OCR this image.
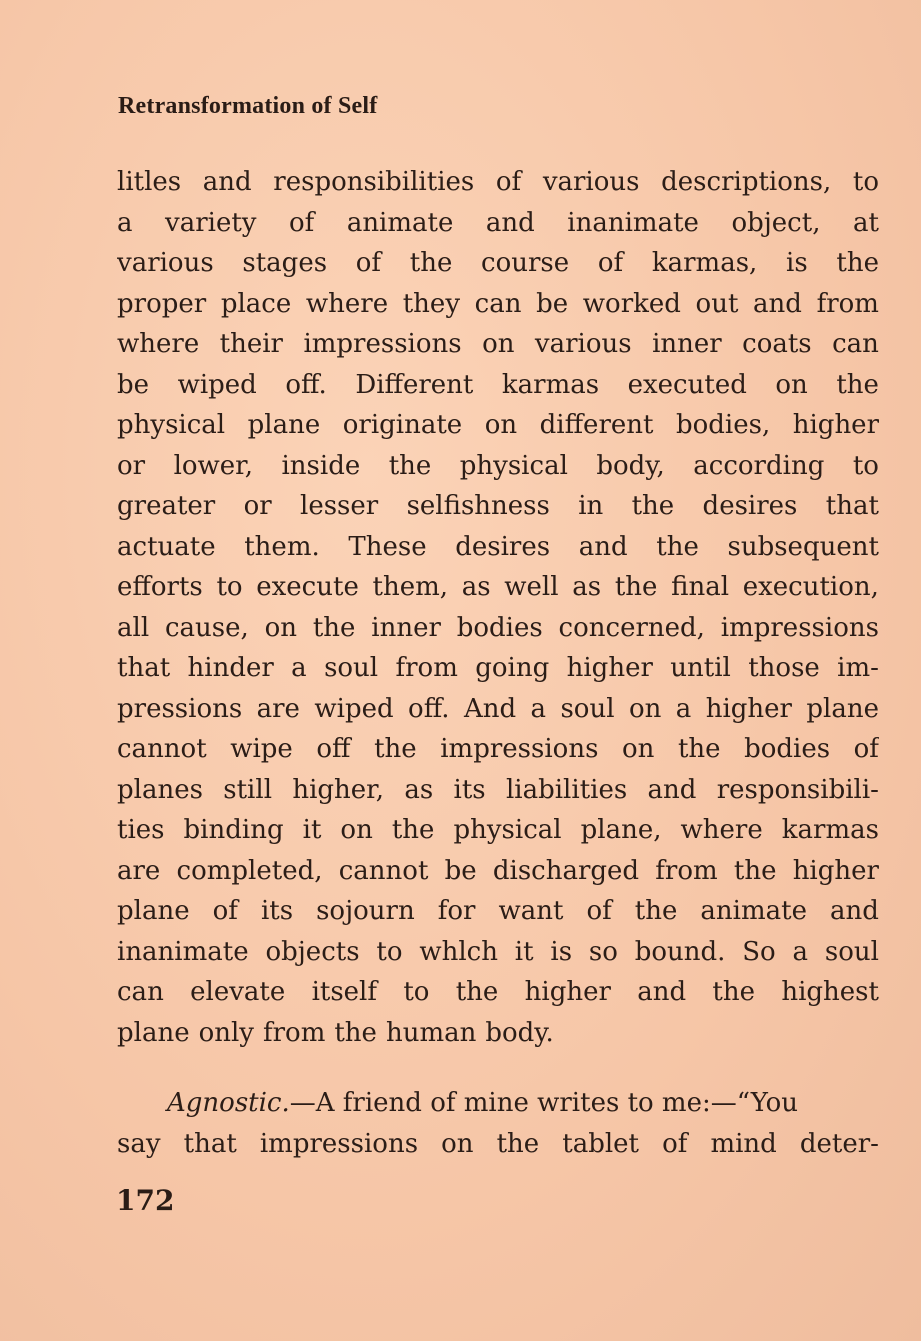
Retransformation of Self
litles and responsibilities of various descriptions, to
a variety of animate and inanimate object, at
various stages of the course of karmas, is the
proper place where they can be worked out and from
where their impressions on various inner coats can
be wiped off. Different karmas executed on the
physical plane originate on different bodies, higher
or lower, inside the physical body, according to
greater or lesser selfishness in the desires that
actuate them. These desires and the subsequent
efforts to execute them, as well as the final execution,
all cause, on the inner bodies concerned, impressions
that hinder a soul from going higher until those im-
pressions are wiped off. And a soul on a higher plane
cannot wipe off the impressions on the bodies of
planes still higher, as its liabilities and responsibili-
ties binding it on the physical plane, where karmas
are completed, cannot be discharged from the higher
plane of its sojourn for want of the animate and
inanimate objects to whlch it is so bound. So a soul
can elevate itself to the higher and the highest
plane only from the human body.
Agnostic.—A friend of mine writes to me:—“You
say that impressions on the tablet of mind deter-
172
